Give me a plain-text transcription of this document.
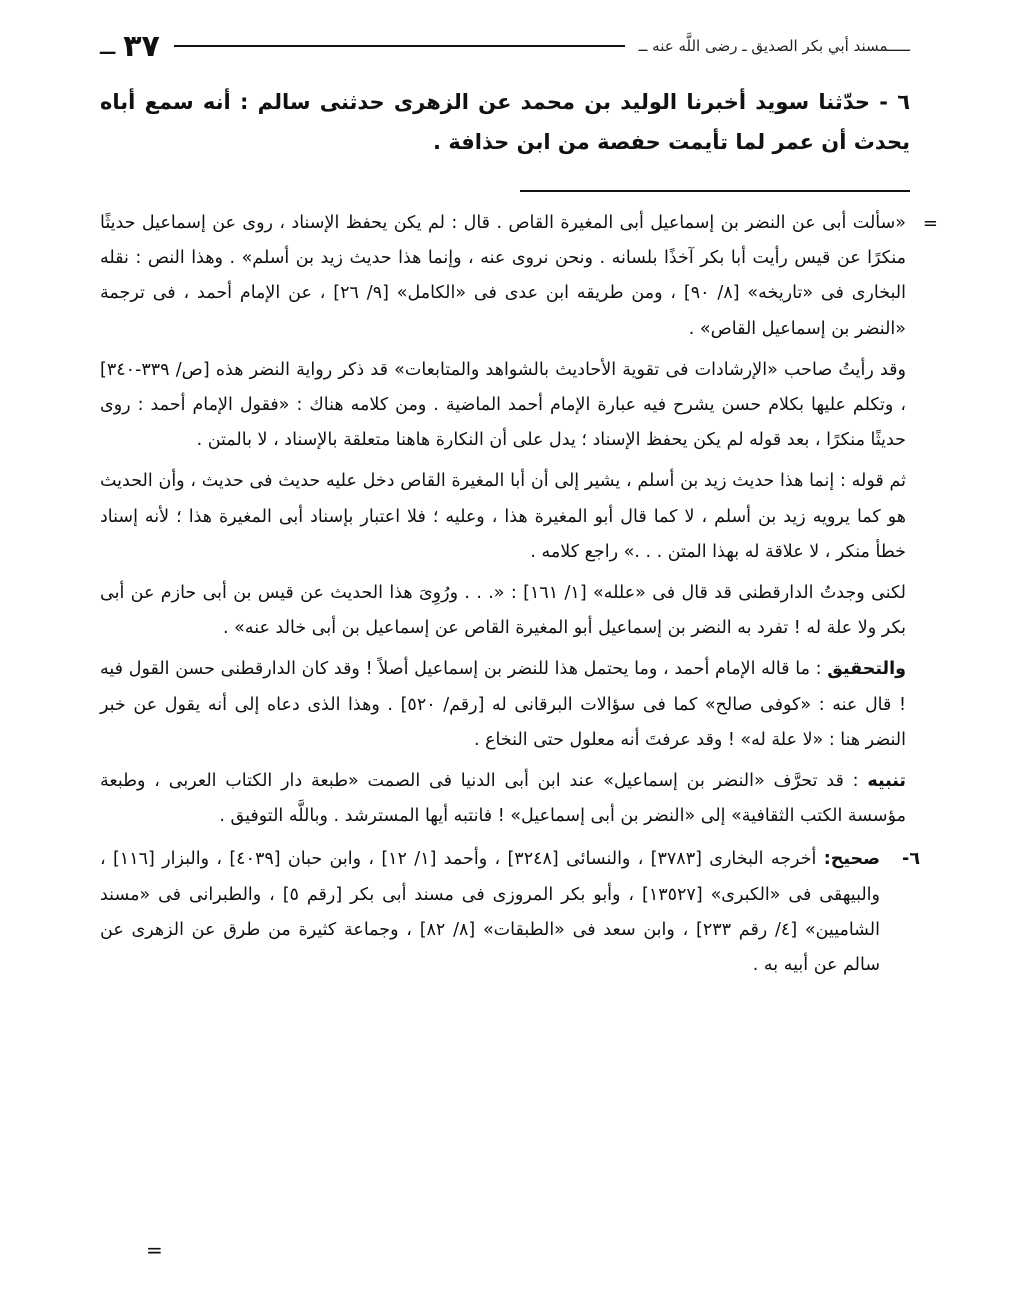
ـــــمسند أبي بكر الصديق ـ رضى اللَّه عنه ــ
٣٧
ــ
٦ - حدّثنا سويد أخبرنا الوليد بن محمد عن الزهرى حدثنى سالم : أنه سمع أباه يحدث أن عمر لما تأيمت حفصة من ابن حذافة .

=
«سألت أبى عن النضر بن إسماعيل أبى المغيرة القاص . قال : لم يكن يحفظ الإسناد ، روى عن إسماعيل حديثًا منكرًا عن قيس رأيت أبا بكر آخذًا بلسانه . ونحن نروى عنه ، وإنما هذا حديث زيد بن أسلم» . وهذا النص : نقله البخارى فى «تاريخه» [٨/ ٩٠] ، ومن طريقه ابن عدى فى «الكامل» [٩/ ٢٦] ، عن الإمام أحمد ، فى ترجمة «النضر بن إسماعيل القاص» .

وقد رأيتُ صاحب «الإرشادات فى تقوية الأحاديث بالشواهد والمتابعات» قد ذكر رواية النضر هذه [ص/ ٣٣٩-٣٤٠] ، وتكلم عليها بكلام حسن يشرح فيه عبارة الإمام أحمد الماضية . ومن كلامه هناك : «فقول الإمام أحمد : روى حديثًا منكرًا ، بعد قوله لم يكن يحفظ الإسناد ؛ يدل على أن النكارة هاهنا متعلقة بالإسناد ، لا بالمتن .

ثم قوله : إنما هذا حديث زيد بن أسلم ، يشير إلى أن أبا المغيرة القاص دخل عليه حديث فى حديث ، وأن الحديث هو كما يرويه زيد بن أسلم ، لا كما قال أبو المغيرة هذا ، وعليه ؛ فلا اعتبار بإسناد أبى المغيرة هذا ؛ لأنه إسناد خطأ منكر ، لا علاقة له بهذا المتن . . .» راجع كلامه .

لكنى وجدتُ الدارقطنى قد قال فى «علله» [١/ ١٦١] : «. . . ورُوِىَ هذا الحديث عن قيس بن أبى حازم عن أبى بكر ولا علة له ! تفرد به النضر بن إسماعيل أبو المغيرة القاص عن إسماعيل بن أبى خالد عنه» .

والتحقيق : ما قاله الإمام أحمد ، وما يحتمل هذا للنضر بن إسماعيل أصلاً ! وقد كان الدارقطنى حسن القول فيه ! قال عنه : «كوفى صالح» كما فى سؤالات البرقانى له [رقم/ ٥٢٠] . وهذا الذى دعاه إلى أنه يقول عن خبر النضر هنا : «لا علة له» ! وقد عرفتَ أنه معلول حتى النخاع .

تنبيه : قد تحرَّف «النضر بن إسماعيل» عند ابن أبى الدنيا فى الصمت «طبعة دار الكتاب العربى ، وطبعة مؤسسة الكتب الثقافية» إلى «النضر بن أبى إسماعيل» ! فانتبه أيها المسترشد . وباللَّه التوفيق .

٦-
صحيح: أخرجه البخارى [٣٧٨٣] ، والنسائى [٣٢٤٨] ، وأحمد [١/ ١٢] ، وابن حبان [٤٠٣٩] ، والبزار [١١٦] ، والبيهقى فى «الكبرى» [١٣٥٢٧] ، وأبو بكر المروزى فى مسند أبى بكر [رقم ٥] ، والطبرانى فى «مسند الشاميين» [٤/ رقم ٢٣٣] ، وابن سعد فى «الطبقات» [٨/ ٨٢] ، وجماعة كثيرة من طرق عن الزهرى عن سالم عن أبيه به .
=
